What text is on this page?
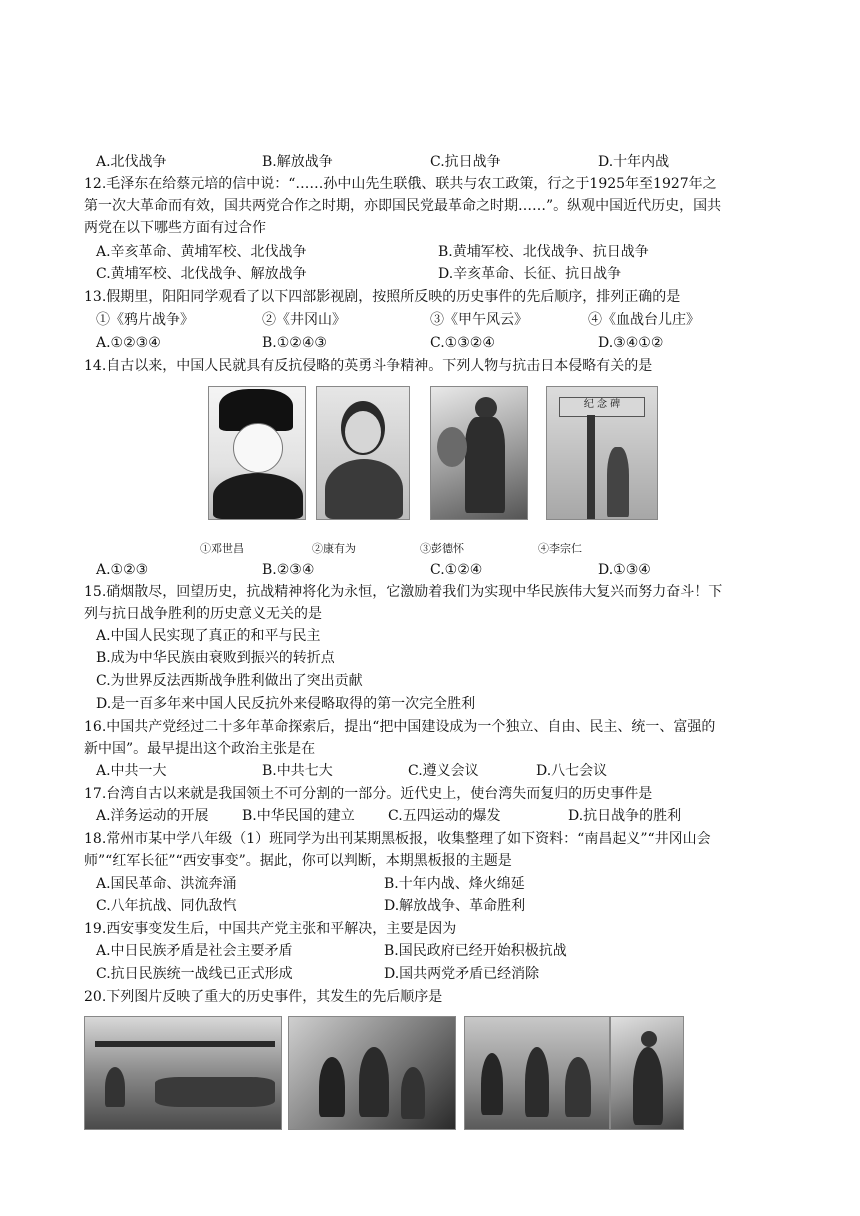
A.北伐战争	B.解放战争	C.抗日战争	D.十年内战
12.毛泽东在给蔡元培的信中说：“……孙中山先生联俄、联共与农工政策，行之于1925年至1927年之
第一次大革命而有效，国共两党合作之时期，亦即国民党最革命之时期……”。纵观中国近代历史，国共
两党在以下哪些方面有过合作
A.辛亥革命、黄埔军校、北伐战争	B.黄埔军校、北伐战争、抗日战争
C.黄埔军校、北伐战争、解放战争	D.辛亥革命、长征、抗日战争
13.假期里，阳阳同学观看了以下四部影视剧，按照所反映的历史事件的先后顺序，排列正确的是
①《鸦片战争》	②《井冈山》	③《甲午风云》	④《血战台儿庄》
A.①②③④	B.①②④③	C.①③②④	D.③④①②
14.自古以来，中国人民就具有反抗侵略的英勇斗争精神。下列人物与抗击日本侵略有关的是
纪 念 碑
①邓世昌	②康有为	③彭德怀	④李宗仁
A.①②③	B.②③④	C.①②④	D.①③④
15.硝烟散尽，回望历史，抗战精神将化为永恒，它激励着我们为实现中华民族伟大复兴而努力奋斗！下
列与抗日战争胜利的历史意义无关的是
A.中国人民实现了真正的和平与民主
B.成为中华民族由衰败到振兴的转折点
C.为世界反法西斯战争胜利做出了突出贡献
D.是一百多年来中国人民反抗外来侵略取得的第一次完全胜利
16.中国共产党经过二十多年革命探索后，提出“把中国建设成为一个独立、自由、民主、统一、富强的
新中国”。最早提出这个政治主张是在
A.中共一大	B.中共七大	C.遵义会议	D.八七会议
17.台湾自古以来就是我国领土不可分割的一部分。近代史上，使台湾失而复归的历史事件是
A.洋务运动的开展 B.中华民国的建立 C.五四运动的爆发	D.抗日战争的胜利
18.常州市某中学八年级（1）班同学为出刊某期黑板报，收集整理了如下资料：“南昌起义”“井冈山会
师”“红军长征”“西安事变”。据此，你可以判断，本期黑板报的主题是
A.国民革命、洪流奔涌	B.十年内战、烽火绵延
C.八年抗战、同仇敌忾	D.解放战争、革命胜利
19.西安事变发生后，中国共产党主张和平解决，主要是因为
A.中日民族矛盾是社会主要矛盾	B.国民政府已经开始积极抗战
C.抗日民族统一战线已正式形成	D.国共两党矛盾已经消除
20.下列图片反映了重大的历史事件，其发生的先后顺序是
